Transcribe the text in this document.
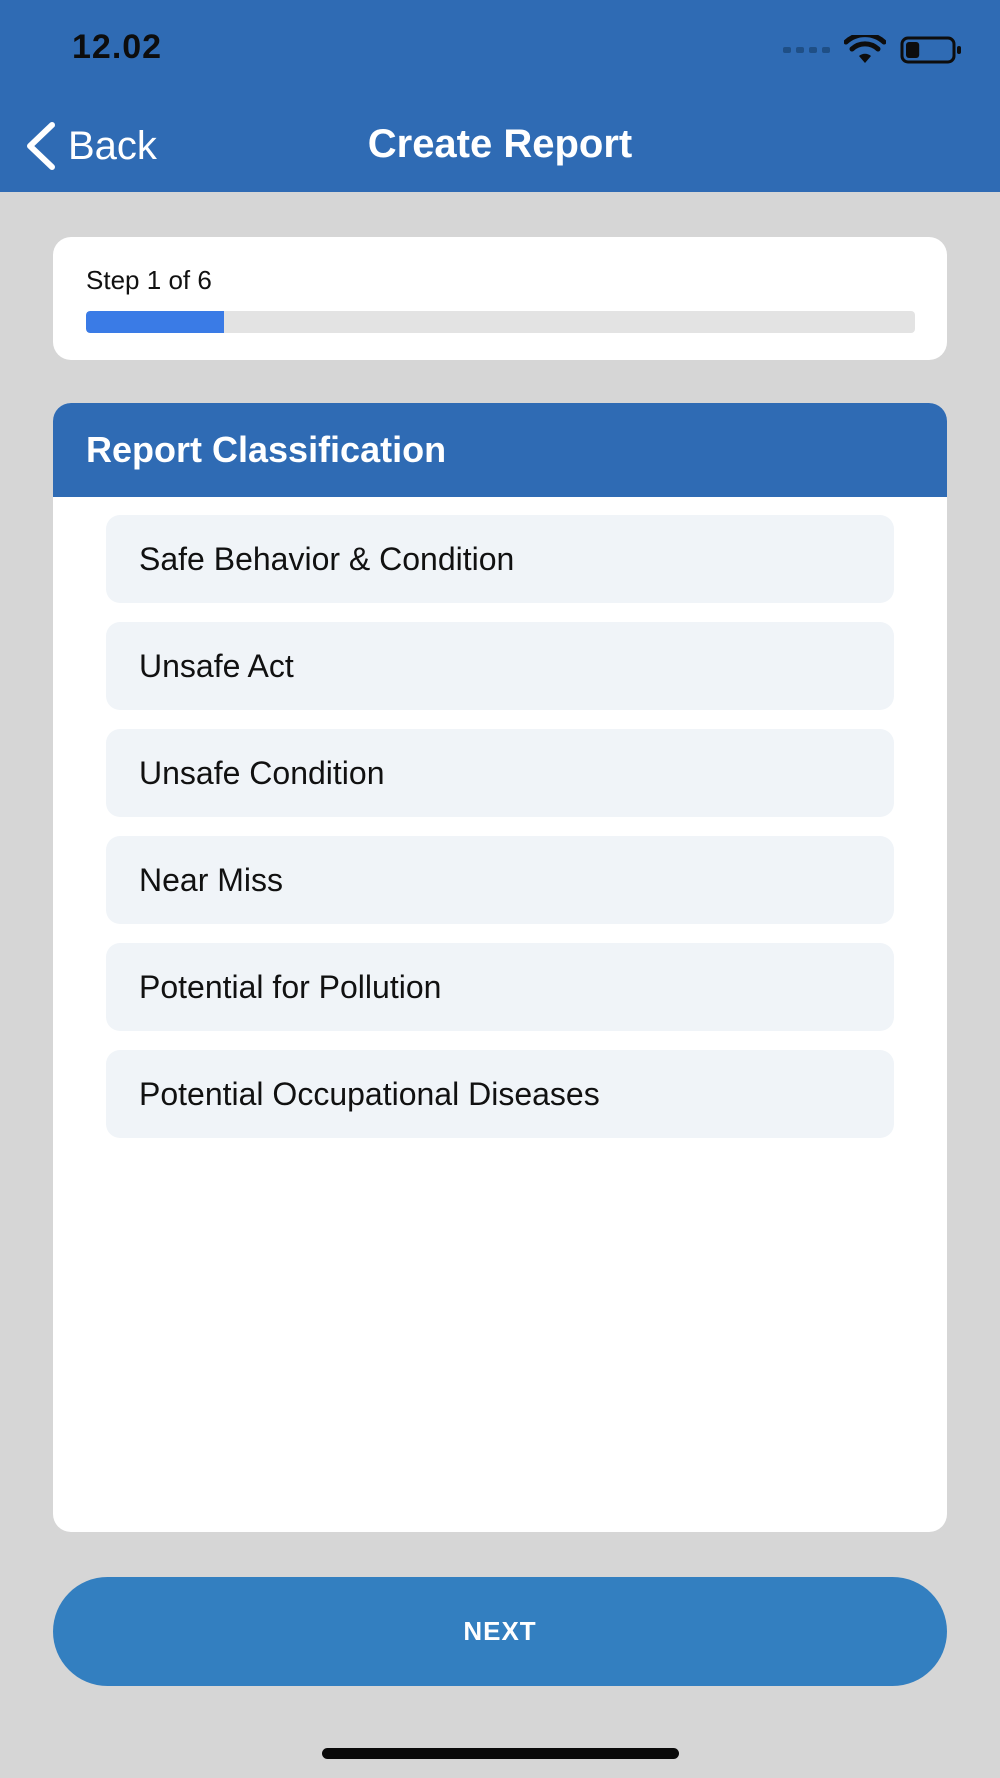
12.02
Back	Create Report
Step 1 of 6
Report Classification
Safe Behavior & Condition
Unsafe Act
Unsafe Condition
Near Miss
Potential for Pollution
Potential Occupational Diseases
NEXT
